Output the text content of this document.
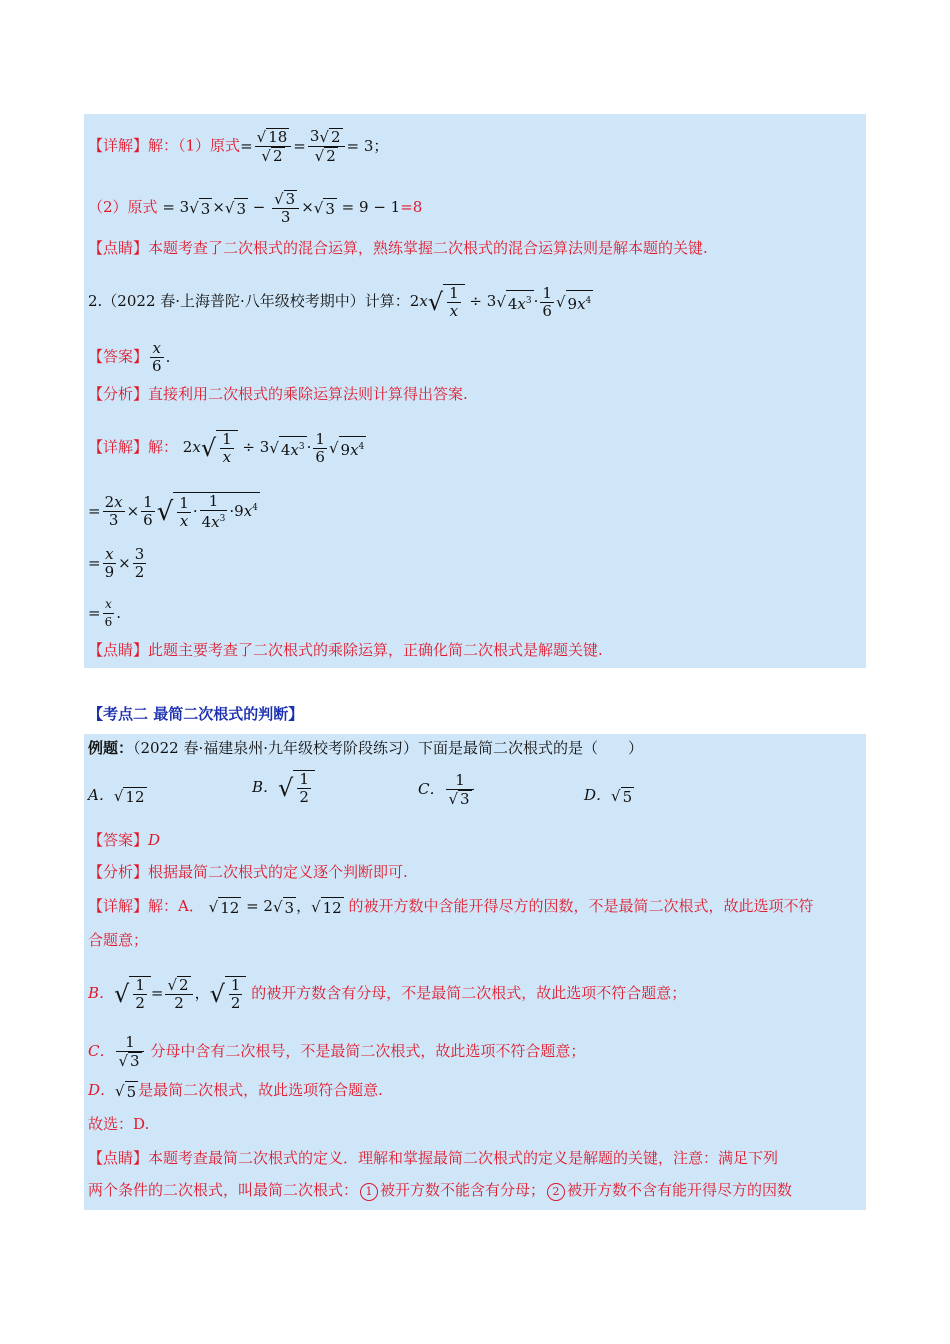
【详解】解：（1）原式= $\frac{√ 18}{√ 2} = \frac{3√ 2}{√ 2} = 3$；
（2）原式 = 3√ 3 ×√ $3 - \frac{√ 3}{3}$ ×√ 3 = 9 − 1=8
【点睛】本题考查了二次根式的混合运算，熟练掌握二次根式的混合运算法则是解本题的关键.
2.（2022 春·上海普陀·八年级校考期中）计算：$2x√ \frac{1}{x} \div 3√$ $4x^3 \cdot \frac{1}{6}$ √ $9x^4$
【答案】 $\frac{x}{6}$ .
【分析】直接利用二次根式的乘除运算法则计算得出答案.
【详解】解： $2x√ \frac{1}{x} \div 3√$ $4x^3 \cdot \frac{1}{6}$ √ $9x^4$
= $\frac{2x}{3} \times \frac{1}{6}$ √ $\frac{1}{x} \cdot \frac{1}{4x^3} \cdot 9x^4$
= $\frac{x}{9} \times \frac{3}{2}$
= $\frac{x}{6}$ .
【点睛】此题主要考查了二次根式的乘除运算，正确化简二次根式是解题关键.
【考点二 最简二次根式的判断】
例题：（2022 春·福建泉州·九年级校考阶段练习）下面是最简二次根式的是（　　）
A．√ 12
B．√ $\frac{1}{2}$	C． $\frac{1}{√ 3}$	D．√ 5
【答案】D
【分析】根据最简二次根式的定义逐个判断即可.
【详解】解：A． √ 12 = 2√ 3 ，√ 12 的被开方数中含能开得尽方的因数，不是最简二次根式，故此选项不符
合题意；
B．√ $\frac{1}{2} = \frac{√ 2}{2}$ ，√ $\frac{1}{2}$ 的被开方数含有分母，不是最简二次根式，故此选项不符合题意；
C． $\frac{1}{√ 3}$ 分母中含有二次根号，不是最简二次根式，故此选项不符合题意；
D．√ 5 是最简二次根式，故此选项符合题意.
故选：D.
【点睛】本题考查最简二次根式的定义．理解和掌握最简二次根式的定义是解题的关键，注意：满足下列
两个条件的二次根式，叫最简二次根式： 1 被开方数不能含有分母； 2 被开方数不含有能开得尽方的因数
